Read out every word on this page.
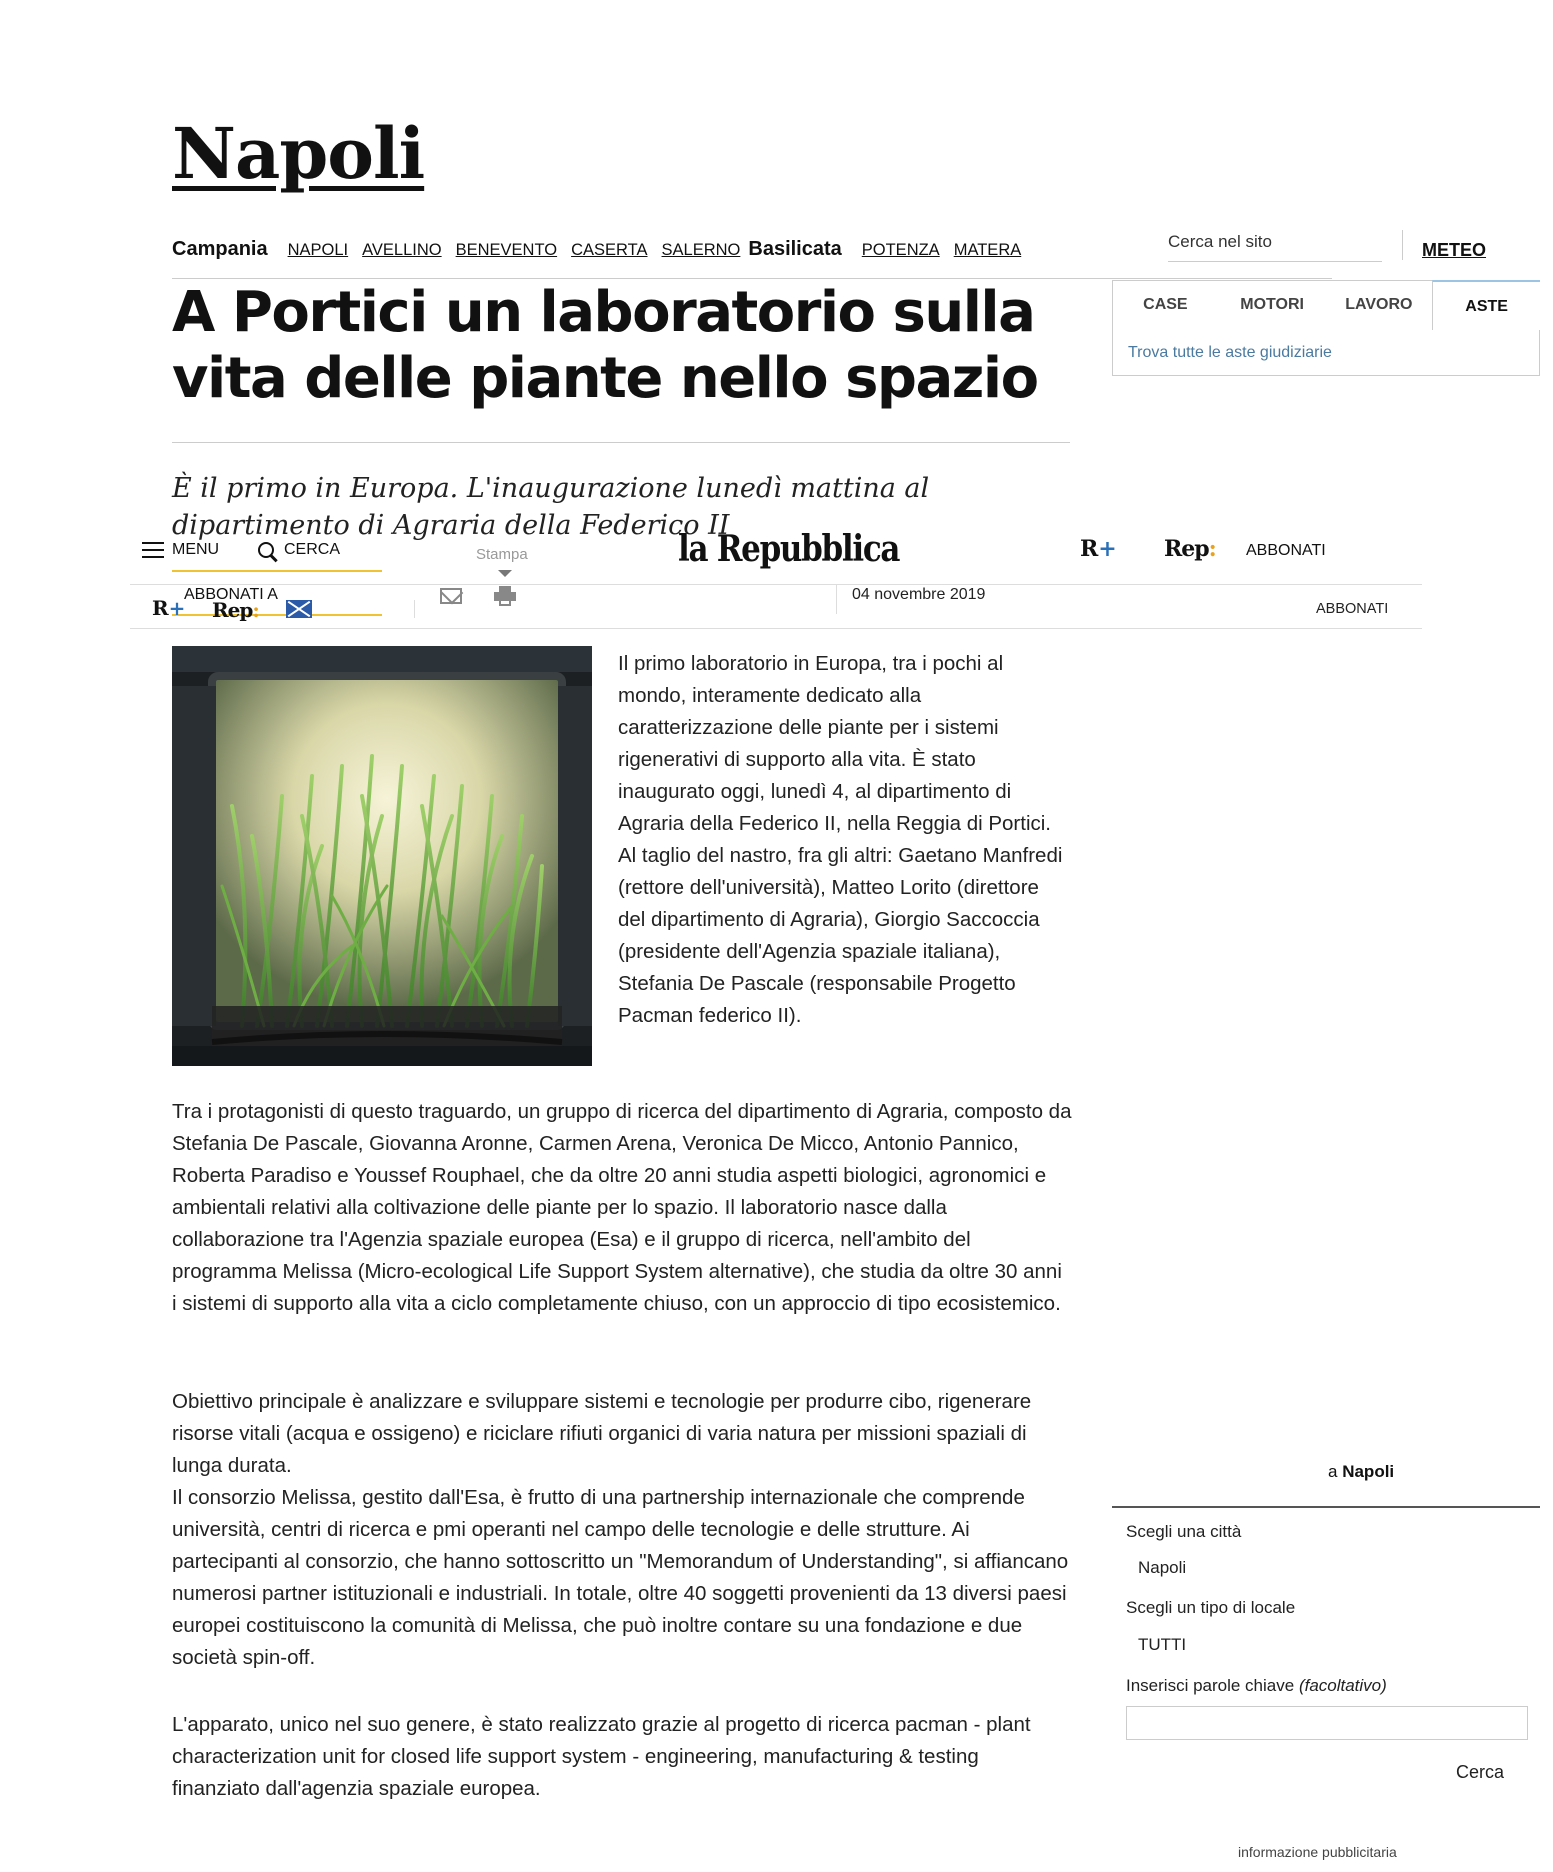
Napoli
Campania NAPOLI AVELLINO BENEVENTO CASERTA SALERNO Basilicata POTENZA MATERA	Cerca nel sito	METEO
CASE	MOTORI	LAVORO	ASTE
Trova tutte le aste giudiziarie
A Portici un laboratorio sulla vita delle piante nello spazio
È il primo in Europa. L'inaugurazione lunedì mattina al dipartimento di Agraria della Federico II
MENU	CERCA	Stampa	la Repubblica	R+ Rep: ABBONATI
ABBONATI A
R+ Rep:
04 novembre 2019
ABBONATI
Il primo laboratorio in Europa, tra i pochi al mondo, interamente dedicato alla caratterizzazione delle piante per i sistemi rigenerativi di supporto alla vita. È stato inaugurato oggi, lunedì 4, al dipartimento di Agraria della Federico II, nella Reggia di Portici. Al taglio del nastro, fra gli altri: Gaetano Manfredi (rettore dell'università), Matteo Lorito (direttore del dipartimento di Agraria), Giorgio Saccoccia (presidente dell'Agenzia spaziale italiana), Stefania De Pascale (responsabile Progetto Pacman federico II).
Tra i protagonisti di questo traguardo, un gruppo di ricerca del dipartimento di Agraria, composto da Stefania De Pascale, Giovanna Aronne, Carmen Arena, Veronica De Micco, Antonio Pannico, Roberta Paradiso e Youssef Rouphael, che da oltre 20 anni studia aspetti biologici, agronomici e ambientali relativi alla coltivazione delle piante per lo spazio. Il laboratorio nasce dalla collaborazione tra l'Agenzia spaziale europea (Esa) e il gruppo di ricerca, nell'ambito del programma Melissa (Micro-ecological Life Support System alternative), che studia da oltre 30 anni i sistemi di supporto alla vita a ciclo completamente chiuso, con un approccio di tipo ecosistemico.

Obiettivo principale è analizzare e sviluppare sistemi e tecnologie per produrre cibo, rigenerare risorse vitali (acqua e ossigeno) e riciclare rifiuti organici di varia natura per missioni spaziali di lunga durata.

Il consorzio Melissa, gestito dall'Esa, è frutto di una partnership internazionale che comprende università, centri di ricerca e pmi operanti nel campo delle tecnologie e delle strutture. Ai partecipanti al consorzio, che hanno sottoscritto un "Memorandum of Understanding", si affiancano numerosi partner istituzionali e industriali. In totale, oltre 40 soggetti provenienti da 13 diversi paesi europei costituiscono la comunità di Melissa, che può inoltre contare su una fondazione e due società spin-off.

L'apparato, unico nel suo genere, è stato realizzato grazie al progetto di ricerca pacman - plant characterization unit for closed life support system - engineering, manufacturing & testing finanziato dall'agenzia spaziale europea.
a Napoli
Scegli una città
Napoli
Scegli un tipo di locale
TUTTI
Inserisci parole chiave (facoltativo)
Cerca
informazione pubblicitaria
